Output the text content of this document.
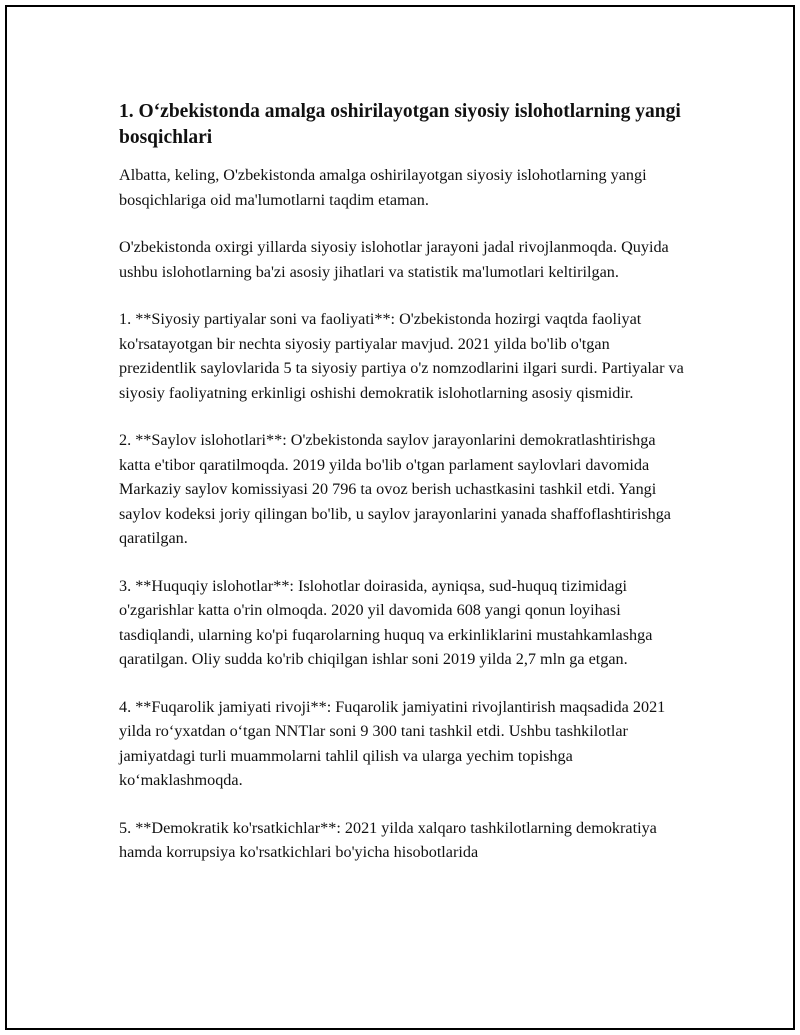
1. O‘zbekistonda amalga oshirilayotgan siyosiy islohotlarning yangi bosqichlari

Albatta, keling, O'zbekistonda amalga oshirilayotgan siyosiy islohotlarning yangi bosqichlariga oid ma'lumotlarni taqdim etaman.

O'zbekistonda oxirgi yillarda siyosiy islohotlar jarayoni jadal rivojlanmoqda. Quyida ushbu islohotlarning ba'zi asosiy jihatlari va statistik ma'lumotlari keltirilgan.

1. **Siyosiy partiyalar soni va faoliyati**: O'zbekistonda hozirgi vaqtda faoliyat ko'rsatayotgan bir nechta siyosiy partiyalar mavjud. 2021 yilda bo'lib o'tgan prezidentlik saylovlarida 5 ta siyosiy partiya o'z nomzodlarini ilgari surdi. Partiyalar va siyosiy faoliyatning erkinligi oshishi demokratik islohotlarning asosiy qismidir.

2. **Saylov islohotlari**: O'zbekistonda saylov jarayonlarini demokratlashtirishga katta e'tibor qaratilmoqda. 2019 yilda bo'lib o'tgan parlament saylovlari davomida Markaziy saylov komissiyasi 20 796 ta ovoz berish uchastkasini tashkil etdi. Yangi saylov kodeksi joriy qilingan bo'lib, u saylov jarayonlarini yanada shaffoflashtirishga qaratilgan.

3. **Huquqiy islohotlar**: Islohotlar doirasida, ayniqsa, sud-huquq tizimidagi o'zgarishlar katta o'rin olmoqda. 2020 yil davomida 608 yangi qonun loyihasi tasdiqlandi, ularning ko'pi fuqarolarning huquq va erkinliklarini mustahkamlashga qaratilgan. Oliy sudda ko'rib chiqilgan ishlar soni 2019 yilda 2,7 mln ga etgan.

4. **Fuqarolik jamiyati rivoji**: Fuqarolik jamiyatini rivojlantirish maqsadida 2021 yilda ro‘yxatdan o‘tgan NNTlar soni 9 300 tani tashkil etdi. Ushbu tashkilotlar jamiyatdagi turli muammolarni tahlil qilish va ularga yechim topishga ko‘maklashmoqda.

5. **Demokratik ko'rsatkichlar**: 2021 yilda xalqaro tashkilotlarning demokratiya hamda korrupsiya ko'rsatkichlari bo'yicha hisobotlarida
